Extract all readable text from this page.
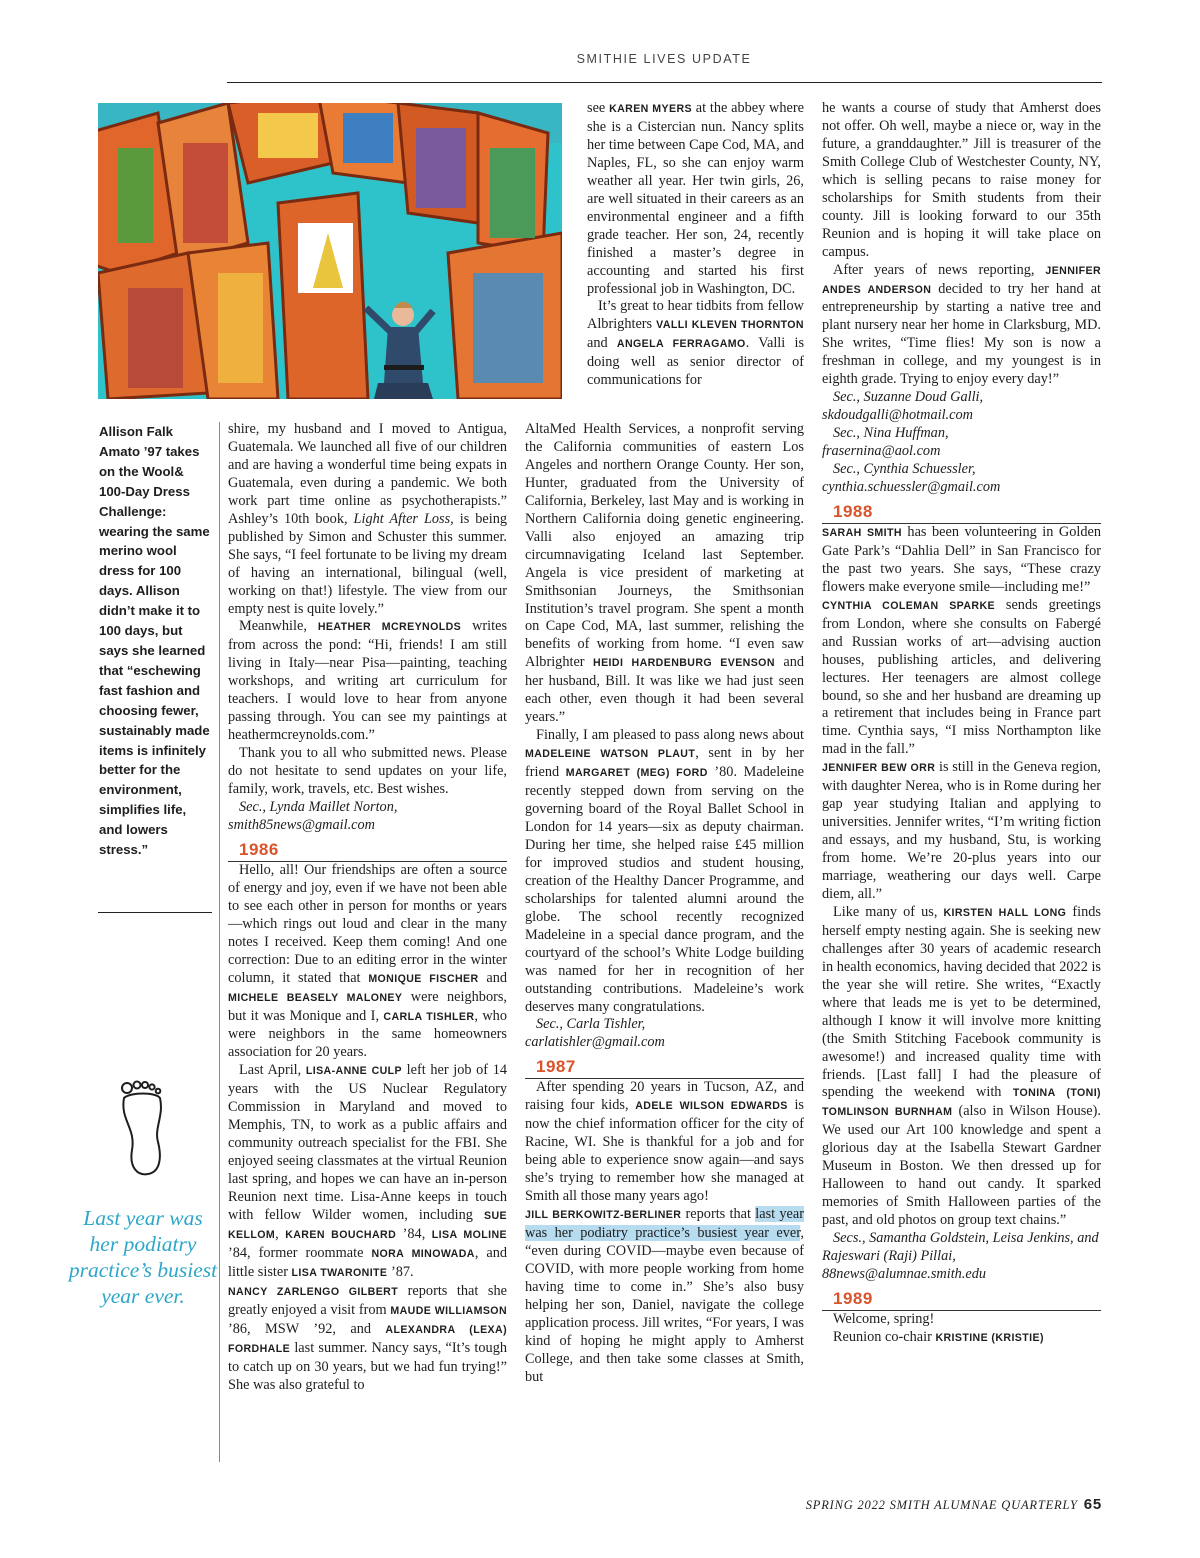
SMITHIE LIVES UPDATE
Allison Falk Amato ’97 takes on the Wool& 100-Day Dress Challenge: wearing the same merino wool dress for 100 days. Allison didn’t make it to 100 days, but says she learned that “eschewing fast fashion and choosing fewer, sustainably made items is infinitely better for the environment, simplifies life, and lowers stress.”
Last year was her podiatry practice’s busiest year ever.

shire, my husband and I moved to Antigua, Guatemala. We launched all five of our children and are having a wonderful time being expats in Guatemala, even during a pandemic. We both work part time online as psychotherapists.” Ashley’s 10th book, Light After Loss, is being published by Simon and Schuster this summer. She says, “I feel fortunate to be living my dream of having an international, bilingual (well, working on that!) lifestyle. The view from our empty nest is quite lovely.”

Meanwhile, HEATHER MCREYNOLDS writes from across the pond: “Hi, friends! I am still living in Italy—near Pisa—painting, teaching workshops, and writing art curriculum for teachers. I would love to hear from anyone passing through. You can see my paintings at heathermcreynolds.com.”

Thank you to all who submitted news. Please do not hesitate to send updates on your life, family, work, travels, etc. Best wishes.

Sec., Lynda Maillet Norton,

smith85news@gmail.com

1986

Hello, all! Our friendships are often a source of energy and joy, even if we have not been able to see each other in person for months or years—which rings out loud and clear in the many notes I received. Keep them coming! And one correction: Due to an editing error in the winter column, it stated that MONIQUE FISCHER and MICHELE BEASELY MALONEY were neighbors, but it was Monique and I, CARLA TISHLER, who were neighbors in the same homeowners association for 20 years.

Last April, LISA-ANNE CULP left her job of 14 years with the US Nuclear Regulatory Commission in Maryland and moved to Memphis, TN, to work as a public affairs and community outreach specialist for the FBI. She enjoyed seeing classmates at the virtual Reunion last spring, and hopes we can have an in-person Reunion next time. Lisa-Anne keeps in touch with fellow Wilder women, including SUE KELLOM, KAREN BOUCHARD ’84, LISA MOLINE ’84, former roommate NORA MINOWADA, and little sister LISA TWARONITE ’87.

NANCY ZARLENGO GILBERT reports that she greatly enjoyed a visit from MAUDE WILLIAMSON ’86, MSW ’92, and ALEXANDRA (LEXA) FORDHALE last summer. Nancy says, “It’s tough to catch up on 30 years, but we had fun trying!” She was also grateful to

see KAREN MYERS at the abbey where she is a Cistercian nun. Nancy splits her time between Cape Cod, MA, and Naples, FL, so she can enjoy warm weather all year. Her twin girls, 26, are well situated in their careers as an environmental engineer and a fifth grade teacher. Her son, 24, recently finished a master’s degree in accounting and started his first professional job in Washington, DC.

It’s great to hear tidbits from fellow Albrighters VALLI KLEVEN THORNTON and ANGELA FERRAGAMO. Valli is doing well as senior director of communications for

AltaMed Health Services, a nonprofit serving the California communities of eastern Los Angeles and northern Orange County. Her son, Hunter, graduated from the University of California, Berkeley, last May and is working in Northern California doing genetic engineering. Valli also enjoyed an amazing trip circumnavigating Iceland last September. Angela is vice president of marketing at Smithsonian Journeys, the Smithsonian Institution’s travel program. She spent a month on Cape Cod, MA, last summer, relishing the benefits of working from home. “I even saw Albrighter HEIDI HARDENBURG EVENSON and her husband, Bill. It was like we had just seen each other, even though it had been several years.”

Finally, I am pleased to pass along news about MADELEINE WATSON PLAUT, sent in by her friend MARGARET (MEG) FORD ’80. Madeleine recently stepped down from serving on the governing board of the Royal Ballet School in London for 14 years—six as deputy chairman. During her time, she helped raise £45 million for improved studios and student housing, creation of the Healthy Dancer Programme, and scholarships for talented alumni around the globe. The school recently recognized Madeleine in a special dance program, and the courtyard of the school’s White Lodge building was named for her in recognition of her outstanding contributions. Madeleine’s work deserves many congratulations.

Sec., Carla Tishler,

carlatishler@gmail.com

1987

After spending 20 years in Tucson, AZ, and raising four kids, ADELE WILSON EDWARDS is now the chief information officer for the city of Racine, WI. She is thankful for a job and for being able to experience snow again—and says she’s trying to remember how she managed at Smith all those many years ago!

JILL BERKOWITZ-BERLINER reports that last year was her podiatry practice’s busiest year ever, “even during COVID—maybe even because of COVID, with more people working from home having time to come in.” She’s also busy helping her son, Daniel, navigate the college application process. Jill writes, “For years, I was kind of hoping he might apply to Amherst College, and then take some classes at Smith, but

he wants a course of study that Amherst does not offer. Oh well, maybe a niece or, way in the future, a granddaughter.” Jill is treasurer of the Smith College Club of Westchester County, NY, which is selling pecans to raise money for scholarships for Smith students from their county. Jill is looking forward to our 35th Reunion and is hoping it will take place on campus.

After years of news reporting, JENNIFER ANDES ANDERSON decided to try her hand at entrepreneurship by starting a native tree and plant nursery near her home in Clarksburg, MD. She writes, “Time flies! My son is now a freshman in college, and my youngest is in eighth grade. Trying to enjoy every day!”

Sec., Suzanne Doud Galli,

skdoudgalli@hotmail.com

Sec., Nina Huffman,

frasernina@aol.com

Sec., Cynthia Schuessler,

cynthia.schuessler@gmail.com

1988

SARAH SMITH has been volunteering in Golden Gate Park’s “Dahlia Dell” in San Francisco for the past two years. She says, “These crazy flowers make everyone smile—including me!”

CYNTHIA COLEMAN SPARKE sends greetings from London, where she consults on Fabergé and Russian works of art—advising auction houses, publishing articles, and delivering lectures. Her teenagers are almost college bound, so she and her husband are dreaming up a retirement that includes being in France part time. Cynthia says, “I miss Northampton like mad in the fall.”

JENNIFER BEW ORR is still in the Geneva region, with daughter Nerea, who is in Rome during her gap year studying Italian and applying to universities. Jennifer writes, “I’m writing fiction and essays, and my husband, Stu, is working from home. We’re 20-plus years into our marriage, weathering our days well. Carpe diem, all.”

Like many of us, KIRSTEN HALL LONG finds herself empty nesting again. She is seeking new challenges after 30 years of academic research in health economics, having decided that 2022 is the year she will retire. She writes, “Exactly where that leads me is yet to be determined, although I know it will involve more knitting (the Smith Stitching Facebook community is awesome!) and increased quality time with friends. [Last fall] I had the pleasure of spending the weekend with TONINA (TONI) TOMLINSON BURNHAM (also in Wilson House). We used our Art 100 knowledge and spent a glorious day at the Isabella Stewart Gardner Museum in Boston. We then dressed up for Halloween to hand out candy. It sparked memories of Smith Halloween parties of the past, and old photos on group text chains.”

Secs., Samantha Goldstein, Leisa Jenkins, and Rajeswari (Raji) Pillai,

88news@alumnae.smith.edu

1989

Welcome, spring!

Reunion co-chair KRISTINE (KRISTIE)

SPRING 2022 SMITH ALUMNAE QUARTERLY 65
